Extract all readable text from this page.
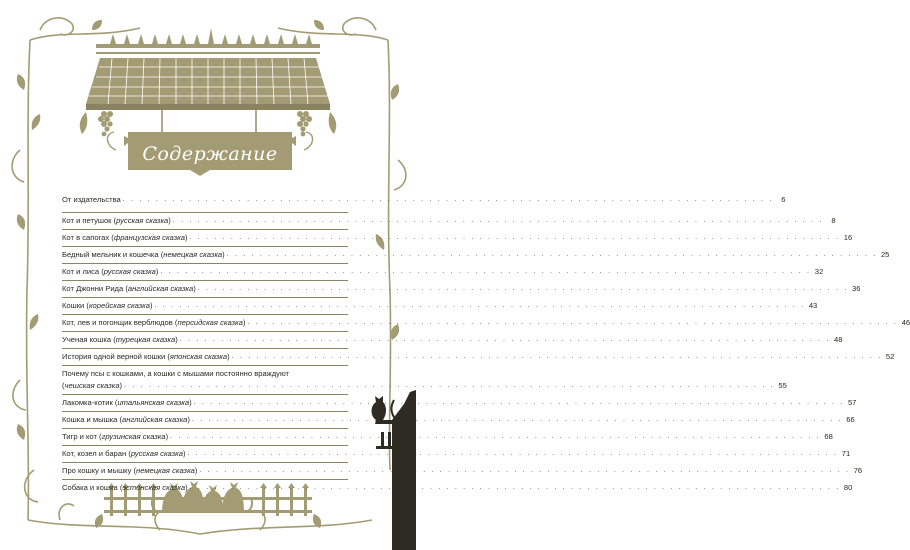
Содержание
От издательства . . . . . . . . . . . . . . . . . . . . . . . . . . . . . . . . . . . . . . . . . . . . . . . . . . . . . . . . . . . . . . . . . . . . . . . . . . . . . . .	6
Кот и петушок (русская сказка) . . . . . . . . . . . . . . . . . . . . . . . . . . . . . . . . . . . . . . . . . . . . . . . . . . . . . . . . . . . . . . . . . . . . . . . . . . . . . . .	8
Кот в сапогах (французская сказка) . . . . . . . . . . . . . . . . . . . . . . . . . . . . . . . . . . . . . . . . . . . . . . . . . . . . . . . . . . . . . . . . . . . . . . . . . . . . . . . 16
Бедный мельник и кошечка (немецкая сказка) . . . . . . . . . . . . . . . . . . . . . . . . . . . . . . . . . . . . . . . . . . . . . . . . . . . . . . . . . . . . . . . . . . . . . . . . . . . . . . . 25
Кот и лиса (русская сказка) . . . . . . . . . . . . . . . . . . . . . . . . . . . . . . . . . . . . . . . . . . . . . . . . . . . . . . . . . . . . . . . . . . . . . . . . . . . . . . . 32
Кот Джонни Рида (английская сказка) . . . . . . . . . . . . . . . . . . . . . . . . . . . . . . . . . . . . . . . . . . . . . . . . . . . . . . . . . . . . . . . . . . . . . . . . . . . . . . . 36
Кошки (корейская сказка) . . . . . . . . . . . . . . . . . . . . . . . . . . . . . . . . . . . . . . . . . . . . . . . . . . . . . . . . . . . . . . . . . . . . . . . . . . . . . . . 43
Кот, лев и погонщик верблюдов (персидская сказка) . . . . . . . . . . . . . . . . . . . . . . . . . . . . . . . . . . . . . . . . . . . . . . . . . . . . . . . . . . . . . . . . . . . . . . . . . . . . . . . 46
Ученая кошка (турецкая сказка) . . . . . . . . . . . . . . . . . . . . . . . . . . . . . . . . . . . . . . . . . . . . . . . . . . . . . . . . . . . . . . . . . . . . . . . . . . . . . . . 48
История одной верной кошки (японская сказка) . . . . . . . . . . . . . . . . . . . . . . . . . . . . . . . . . . . . . . . . . . . . . . . . . . . . . . . . . . . . . . . . . . . . . . . . . . . . . . . 52
Почему псы с кошками, а кошки с мышами постоянно враждуют
(чешская сказка) . . . . . . . . . . . . . . . . . . . . . . . . . . . . . . . . . . . . . . . . . . . . . . . . . . . . . . . . . . . . . . . . . . . . . . . . . . . . . . . 55
Лакомка-котик (итальянская сказка) . . . . . . . . . . . . . . . . . . . . . . . . . . . . . . . . . . . . . . . . . . . . . . . . . . . . . . . . . . . . . . . . . . . . . . . . . . . . . . . 57
Кошка и мышка (английская сказка) . . . . . . . . . . . . . . . . . . . . . . . . . . . . . . . . . . . . . . . . . . . . . . . . . . . . . . . . . . . . . . . . . . . . . . . . . . . . . . . 66
Тигр и кот (грузинская сказка) . . . . . . . . . . . . . . . . . . . . . . . . . . . . . . . . . . . . . . . . . . . . . . . . . . . . . . . . . . . . . . . . . . . . . . . . . . . . . . . 68
Кот, козел и баран (русская сказка) . . . . . . . . . . . . . . . . . . . . . . . . . . . . . . . . . . . . . . . . . . . . . . . . . . . . . . . . . . . . . . . . . . . . . . . . . . . . . . . 71
Про кошку и мышку (немецкая сказка) . . . . . . . . . . . . . . . . . . . . . . . . . . . . . . . . . . . . . . . . . . . . . . . . . . . . . . . . . . . . . . . . . . . . . . . . . . . . . . . 76
Собака и кошка (эстонская сказка) . . . . . . . . . . . . . . . . . . . . . . . . . . . . . . . . . . . . . . . . . . . . . . . . . . . . . . . . . . . . . . . . . . . . . . . . . . . . . . . 80
